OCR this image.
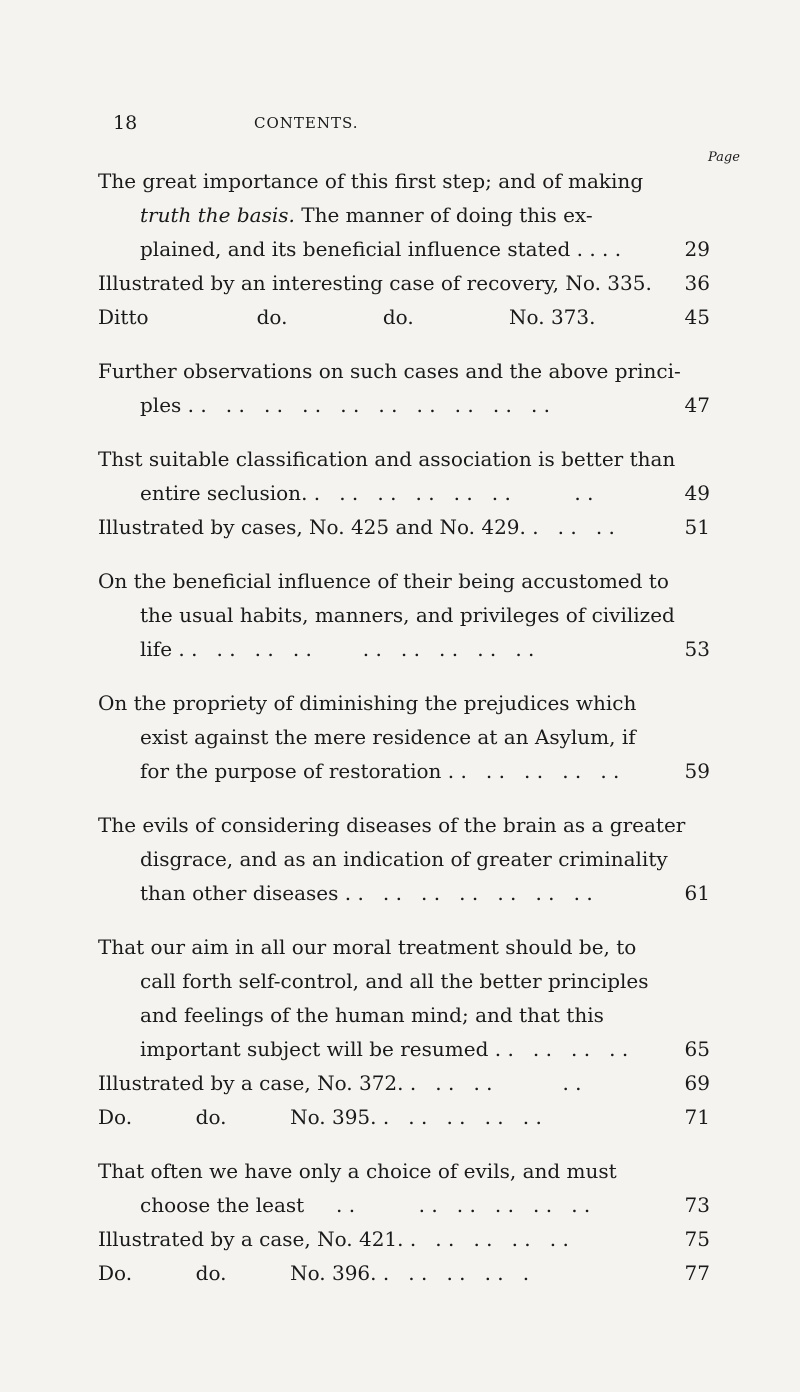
18	CONTENTS.
Page
The great importance of this first step; and of making
truth the basis. The manner of doing this ex-
plained, and its beneficial influence stated . . . .	29
Illustrated by an interesting case of recovery, No. 335.	36
Ditto                 do.               do.               No. 373.	45
Further observations on such cases and the above princi-
ples . .   . .   . .   . .   . .   . .   . .   . .   . .   . .	47
Thst suitable classification and association is better than
entire seclusion. .   . .   . .   . .   . .   . .          . .	49
Illustrated by cases, No. 425 and No. 429. .   . .   . .	51
On the beneficial influence of their being accustomed to
the usual habits, manners, and privileges of civilized
life . .   . .   . .   . .        . .   . .   . .   . .   . .	53
On the propriety of diminishing the prejudices which
exist against the mere residence at an Asylum, if
for the purpose of restoration . .   . .   . .   . .   . .	59
The evils of considering diseases of the brain as a greater
disgrace, and as an indication of greater criminality
than other diseases . .   . .   . .   . .   . .   . .   . .	61
That our aim in all our moral treatment should be, to
call forth self-control, and all the better principles
and feelings of the human mind; and that this
important subject will be resumed . .   . .   . .   . .	65
Illustrated by a case, No. 372. .   . .   . .           . .	69
Do.          do.          No. 395. .   . .   . .   . .   . .	71
That often we have only a choice of evils, and must
choose the least     . .          . .   . .   . .   . .   . .	73
Illustrated by a case, No. 421. .   . .   . .   . .   . .	75
Do.          do.          No. 396. .   . .   . .   . .   .	77
